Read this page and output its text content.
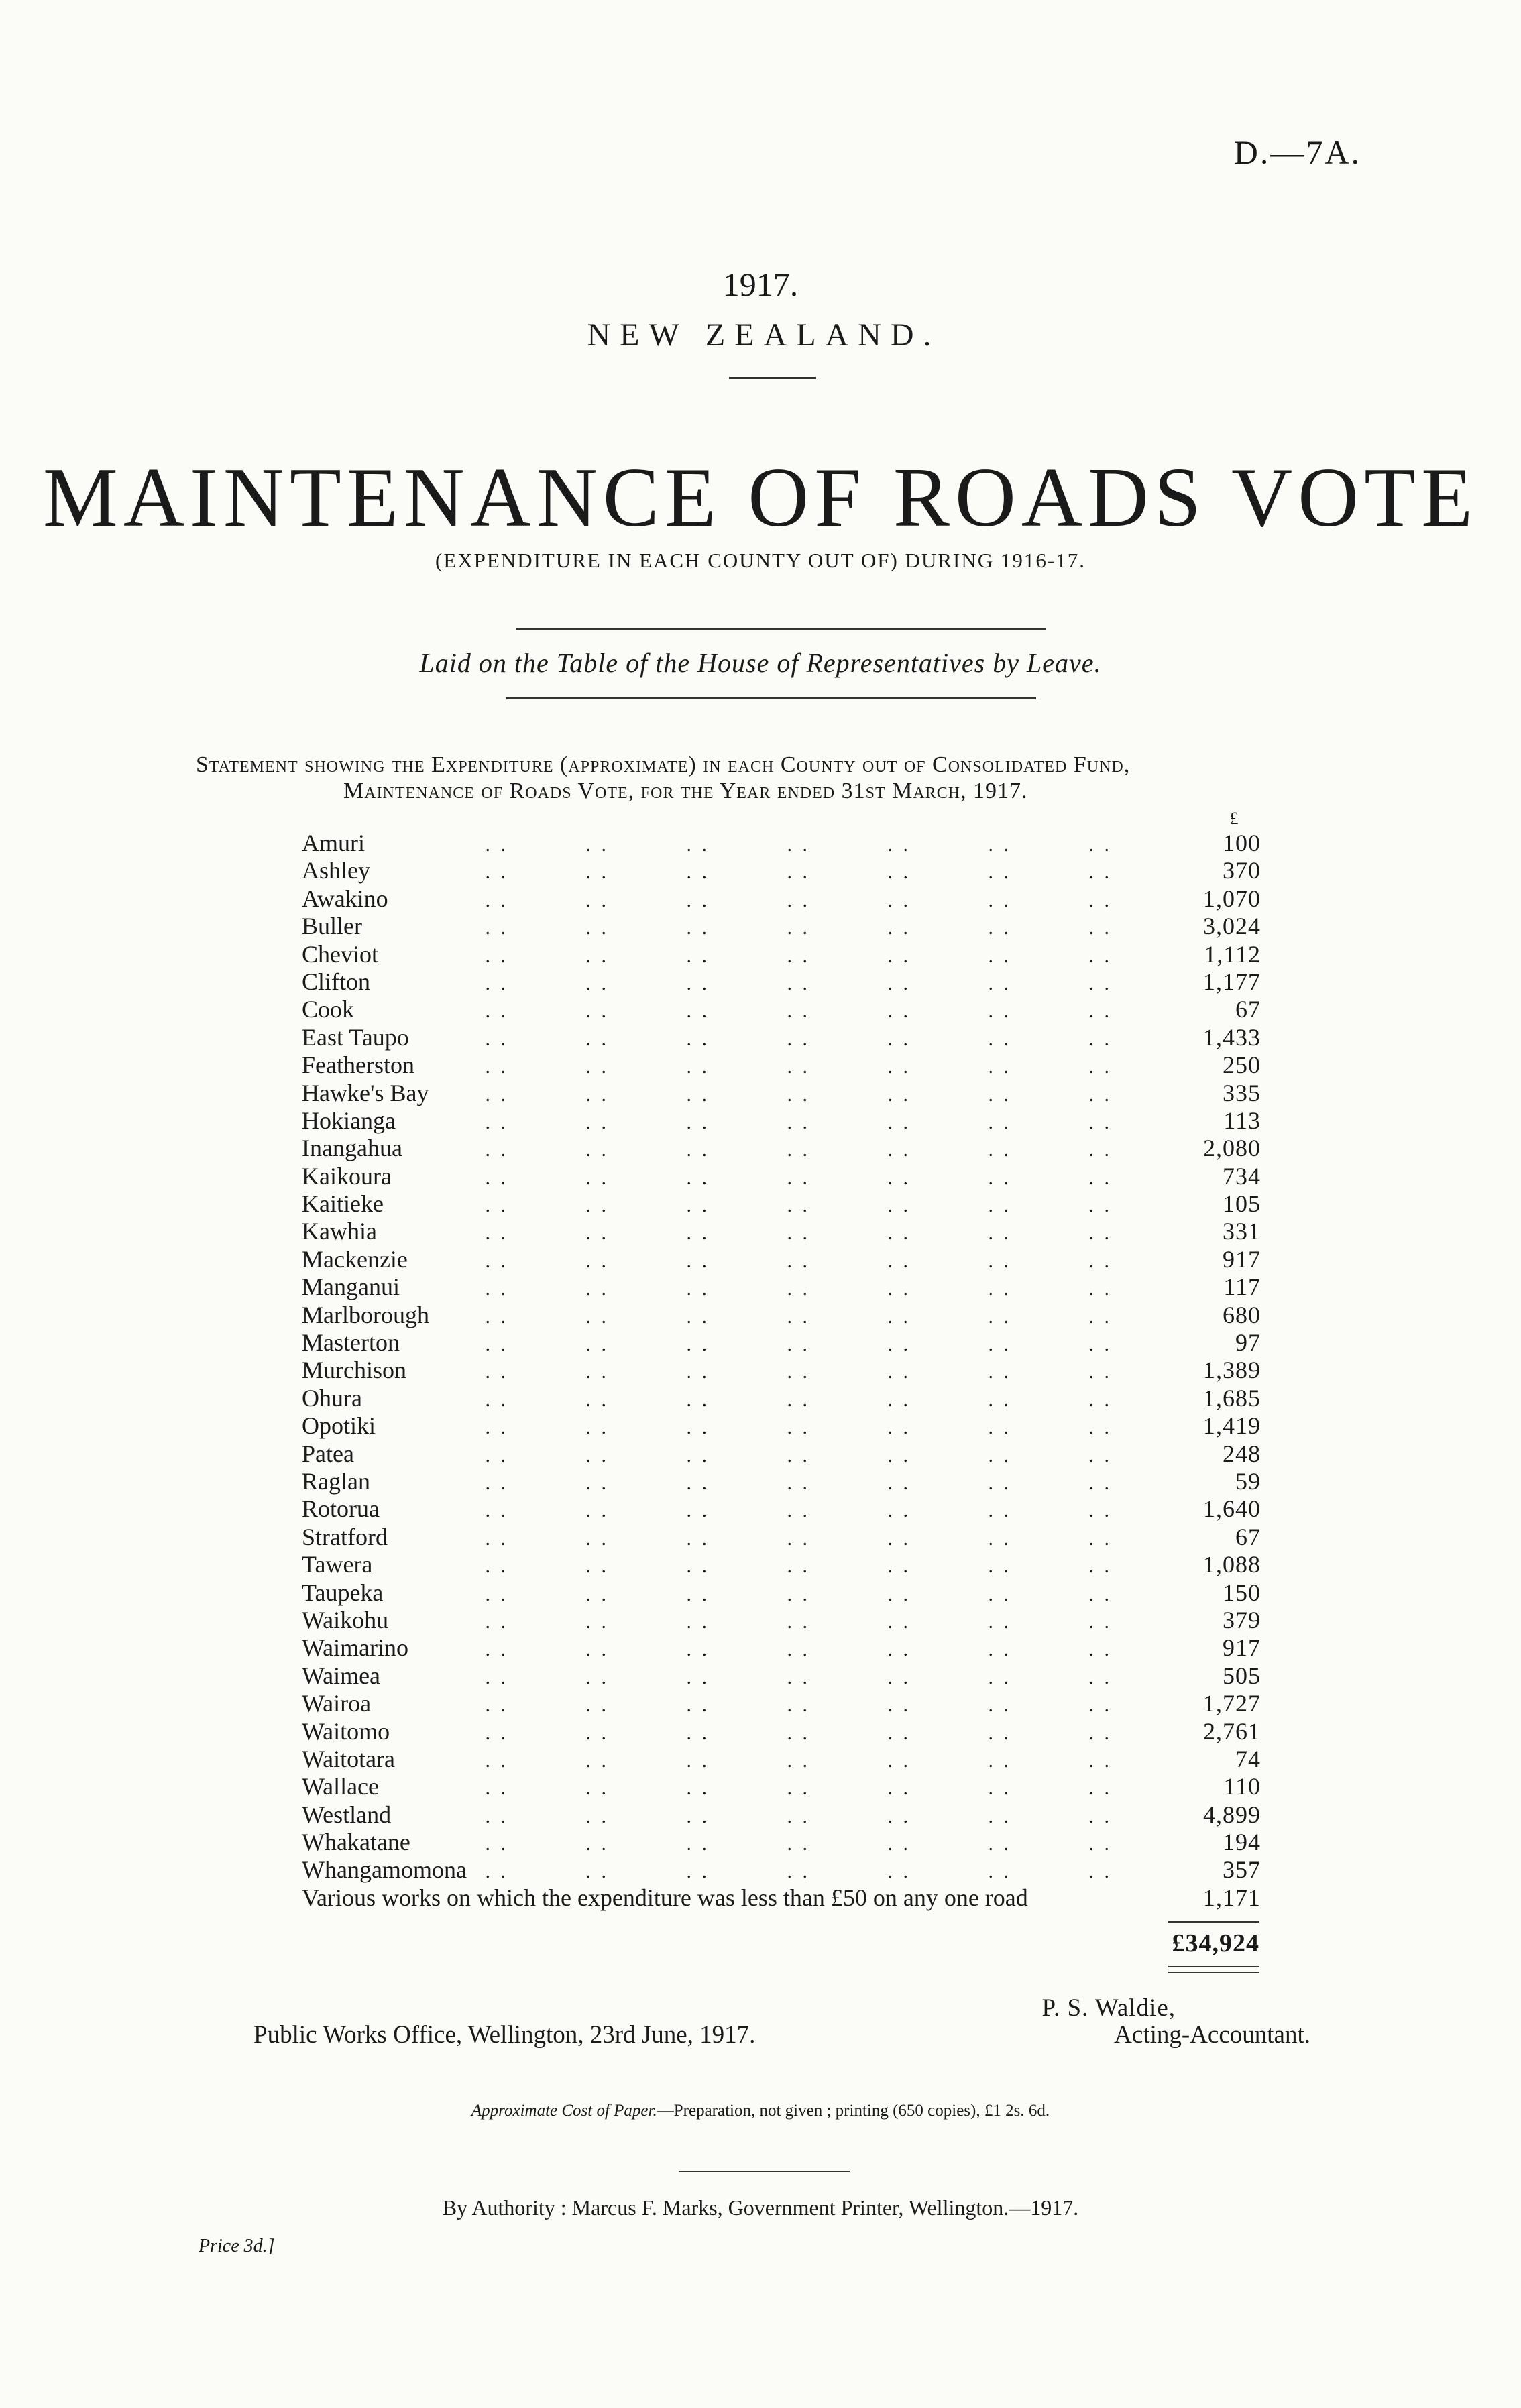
D.—7A.
1917.
NEW ZEALAND.
MAINTENANCE OF ROADS VOTE
(EXPENDITURE IN EACH COUNTY OUT OF) DURING 1916-17.
Laid on the Table of the House of Representatives by Leave.
Statement showing the Expenditure (approximate) in each County out of Consolidated Fund,
Maintenance of Roads Vote, for the Year ended 31st March, 1917.
£
. .	. .	. .	. .	. .	. .	. .
Amuri	100
. .	. .	. .	. .	. .	. .	. .
Ashley	370
. .	. .	. .	. .	. .	. .	. .
Awakino	1,070
. .	. .	. .	. .	. .	. .	. .
Buller	3,024
. .	. .	. .	. .	. .	. .	. .
Cheviot	1,112
. .	. .	. .	. .	. .	. .	. .
Clifton	1,177
. .	. .	. .	. .	. .	. .	. .
Cook	67
. .	. .	. .	. .	. .	. .	. .
East Taupo	1,433
. .	. .	. .	. .	. .	. .	. .
Featherston	250
. .	. .	. .	. .	. .	. .	. .
Hawke's Bay	335
. .	. .	. .	. .	. .	. .	. .
Hokianga	113
. .	. .	. .	. .	. .	. .	. .
Inangahua	2,080
. .	. .	. .	. .	. .	. .	. .
Kaikoura	734
. .	. .	. .	. .	. .	. .	. .
Kaitieke	105
. .	. .	. .	. .	. .	. .	. .
Kawhia	331
. .	. .	. .	. .	. .	. .	. .
Mackenzie	917
. .	. .	. .	. .	. .	. .	. .
Manganui	117
. .	. .	. .	. .	. .	. .	. .
Marlborough	680
. .	. .	. .	. .	. .	. .	. .
Masterton	97
. .	. .	. .	. .	. .	. .	. .
Murchison	1,389
. .	. .	. .	. .	. .	. .	. .
Ohura	1,685
. .	. .	. .	. .	. .	. .	. .
Opotiki	1,419
. .	. .	. .	. .	. .	. .	. .
Patea	248
. .	. .	. .	. .	. .	. .	. .
Raglan	59
. .	. .	. .	. .	. .	. .	. .
Rotorua	1,640
. .	. .	. .	. .	. .	. .	. .
Stratford	67
. .	. .	. .	. .	. .	. .	. .
Tawera	1,088
. .	. .	. .	. .	. .	. .	. .
Taupeka	150
. .	. .	. .	. .	. .	. .	. .
Waikohu	379
. .	. .	. .	. .	. .	. .	. .
Waimarino	917
. .	. .	. .	. .	. .	. .	. .
Waimea	505
. .	. .	. .	. .	. .	. .	. .
Wairoa	1,727
. .	. .	. .	. .	. .	. .	. .
Waitomo	2,761
. .	. .	. .	. .	. .	. .	. .
Waitotara	74
. .	. .	. .	. .	. .	. .	. .
Wallace	110
. .	. .	. .	. .	. .	. .	. .
Westland	4,899
. .	. .	. .	. .	. .	. .	. .
Whakatane	194
. .	. .	. .	. .	. .	. .	. .
Whangamomona	357
Various works on which the expenditure was less than £50 on any one road	1,171
£34,924
P. S. Waldie,
Public Works Office, Wellington, 23rd June, 1917.	Acting-Accountant.
Approximate Cost of Paper.—Preparation, not given ; printing (650 copies), £1 2s. 6d.
By Authority : Marcus F. Marks, Government Printer, Wellington.—1917.
Price 3d.]
